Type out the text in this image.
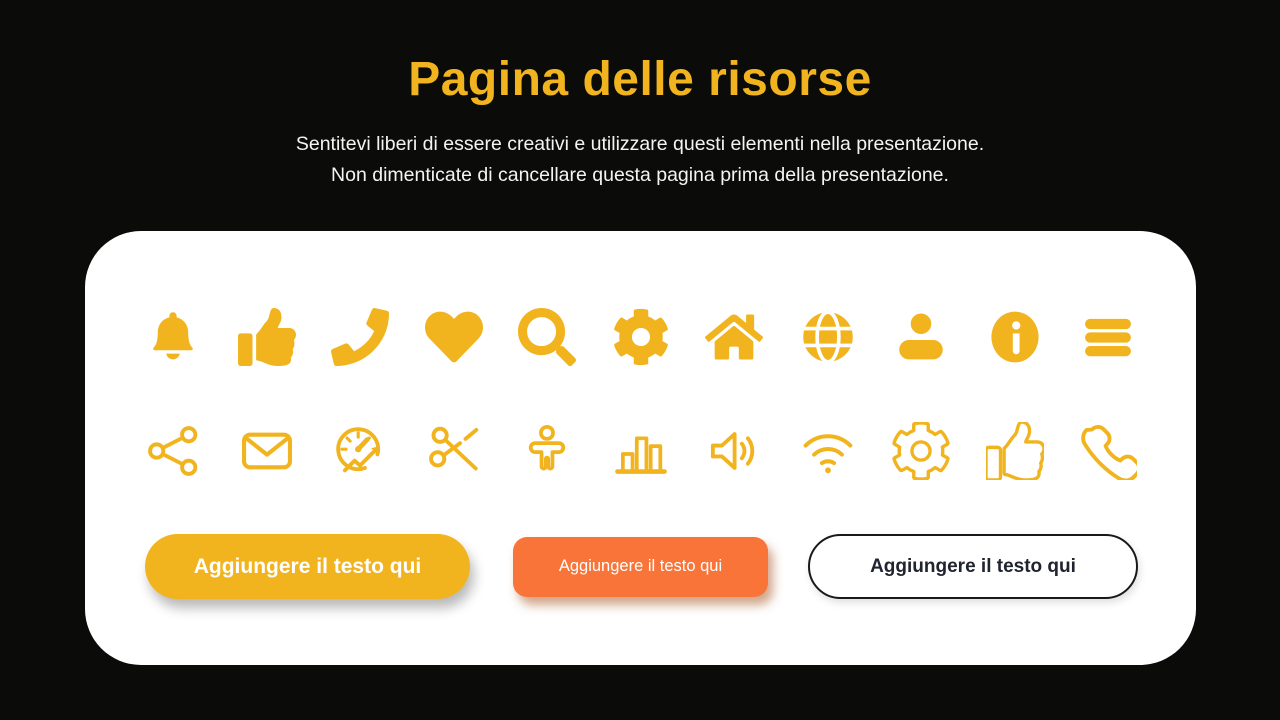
Pagina delle risorse
Sentitevi liberi di essere creativi e utilizzare questi elementi nella presentazione.
Non dimenticate di cancellare questa pagina prima della presentazione.
Aggiungere il testo qui	Aggiungere il testo qui	Aggiungere il testo qui
